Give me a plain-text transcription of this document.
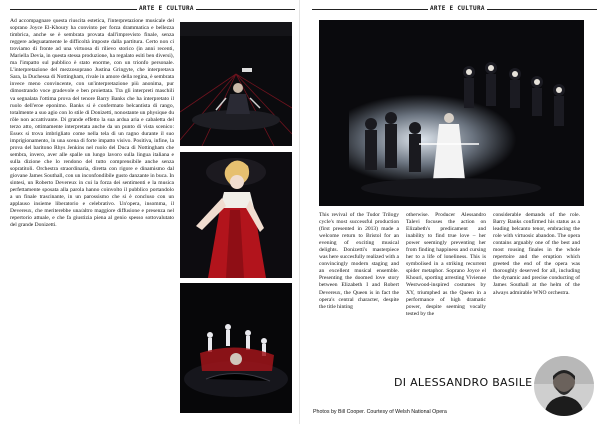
ARTE E CULTURA

Ad accompagnare questa riuscita estetica, l'interpretazione musicale del soprano Joyce El-Khoury ha convinto per forza drammatica e bellezza timbrica, anche se è sembrata provata dall'imprevisto finale, senza reggere adeguatamente le difficoltà imposte dalla partitura. Certo non ci troviamo di fronte ad una virtuosa di rilievo storico (in anni recenti, Mariella Devia, in questa stessa produzione, ha regalato esiti ben diversi), ma l'impatto sul pubblico è stato enorme, con un trionfo personale. L'interpretazione del mezzosoprano Justina Gringyte, che interpretava Sara, la Duchessa di Nottingham, rivale in amore della regina, è sembrata invece meno convincente, con un'interpretazione più anonima, pur dimostrando voce gradevole e ben proiettata. Tra gli interpreti maschili va segnalata l'ottima prova del tenore Barry Banks che ha interpretato il ruolo dell'eroe eponimo. Banks si è confermato belcantista di rango, totalmente a suo agio con lo stile di Donizetti, nonostante un physique du rôle non accattivante. Di grande effetto la sua ardua aria e cabaletta del terzo atto, ottimamente interpretata anche da un punto di vista scenico: Essex si trova imbrigliato come nella tela di un ragno durante il suo imprigionamento, in una scena di forte impatto visivo. Positiva, infine, la prova del baritono Rhys Jenkins nel ruolo del Duca di Nottingham che sembra, invero, aver alle spalle un lungo lavoro sulla lingua italiana e sulla dizione che lo rendono del tutto comprensibile anche senza sopratitoli. Orchestra straordinaria, diretta con rigore e dinamismo dal giovane James Southall, con un inconfondibile gusto danzante in buca. In sintesi, un Roberto Devereux in cui la forza dei sentimenti e la musica perfettamente sposata alla parola hanno coinvolto il pubblico portandolo a un finale trascinante, in un parossismo che si è concluso con un applauso insieme liberatorio e celebrativo. Un'opera, insomma, il Devereux, che meriterebbe una/altro maggiore diffusione e presenza nel repertorio attuale, e che fa giustizia piena al genio spesso sottovalutato del grande Donizetti.

ARTE E CULTURA

This revival of the Tudor Trilogy cycle's most successful production (first presented in 2013) made a welcome return to Bristol for an evening of exciting musical delights. Donizetti's masterpiece was here succesfully realized with a convincingly modern staging and an excellent musical ensemble. Presenting the doomed love story between Elizabeth I and Robert Devereux, the Queen is in fact the opera's central character, despite the title hinting

otherwise. Producer Alessandro Talevi focuses the action on Elizabeth's predicament and inability to find true love – her power seemingly preventing her from finding happiness and cursing her to a life of loneliness. This is symbolised in a striking recurrent spider metaphor. Soprano Joyce el Khouri, sporting arresting Vivienne Westwood-inspired costumes by XY, triumphed as the Queen in a performance of high dramatic power, despite seeming vocally tested by the

considerable demands of the role. Barry Banks confirmed his status as a leading belcanto tenor, embracing the role with virtuosic abandon. The opera contains arguably one of the best and most rousing finales in the whole repertoire and the eruption which greeted the end of the opera was thoroughly deserved for all, including the dynamic and precise conducting of James Southall at the helm of the always admirable WNO orchestra.

DI ALESSANDRO BASILE
Photos by Bill Cooper. Courtesy of Welsh National Opera
